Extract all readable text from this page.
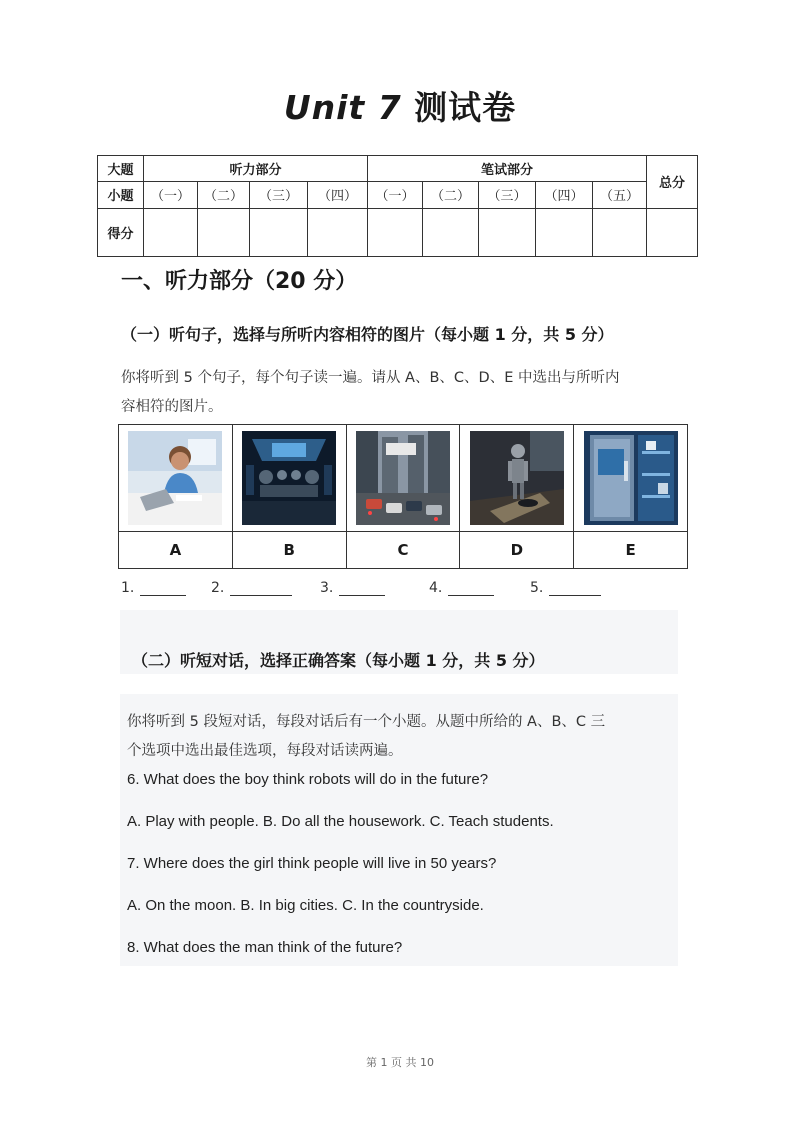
Unit 7 测试卷
大题	听力部分				笔试部分					总分
小题	（一）	（二）	（三）	（四）	（一）	（二）	（三）	（四）	（五）	
得分										
一、听力部分（20 分）
（一）听句子，选择与所听内容相符的图片（每小题 1 分，共 5 分）
你将听到 5 个句子，每个句子读一遍。请从 A、B、C、D、E 中选出与所听内
容相符的图片。

A	B	C	D	E
1.	2.	3.	4.	5.
（二）听短对话，选择正确答案（每小题 1 分，共 5 分）
你将听到 5 段短对话，每段对话后有一个小题。从题中所给的 A、B、C 三
个选项中选出最佳选项，每段对话读两遍。
6. What does the boy think robots will do in the future?
A. Play with people. B. Do all the housework. C. Teach students.
7. Where does the girl think people will live in 50 years?
A. On the moon. B. In big cities. C. In the countryside.
8. What does the man think of the future?
第 1 页 共 10
